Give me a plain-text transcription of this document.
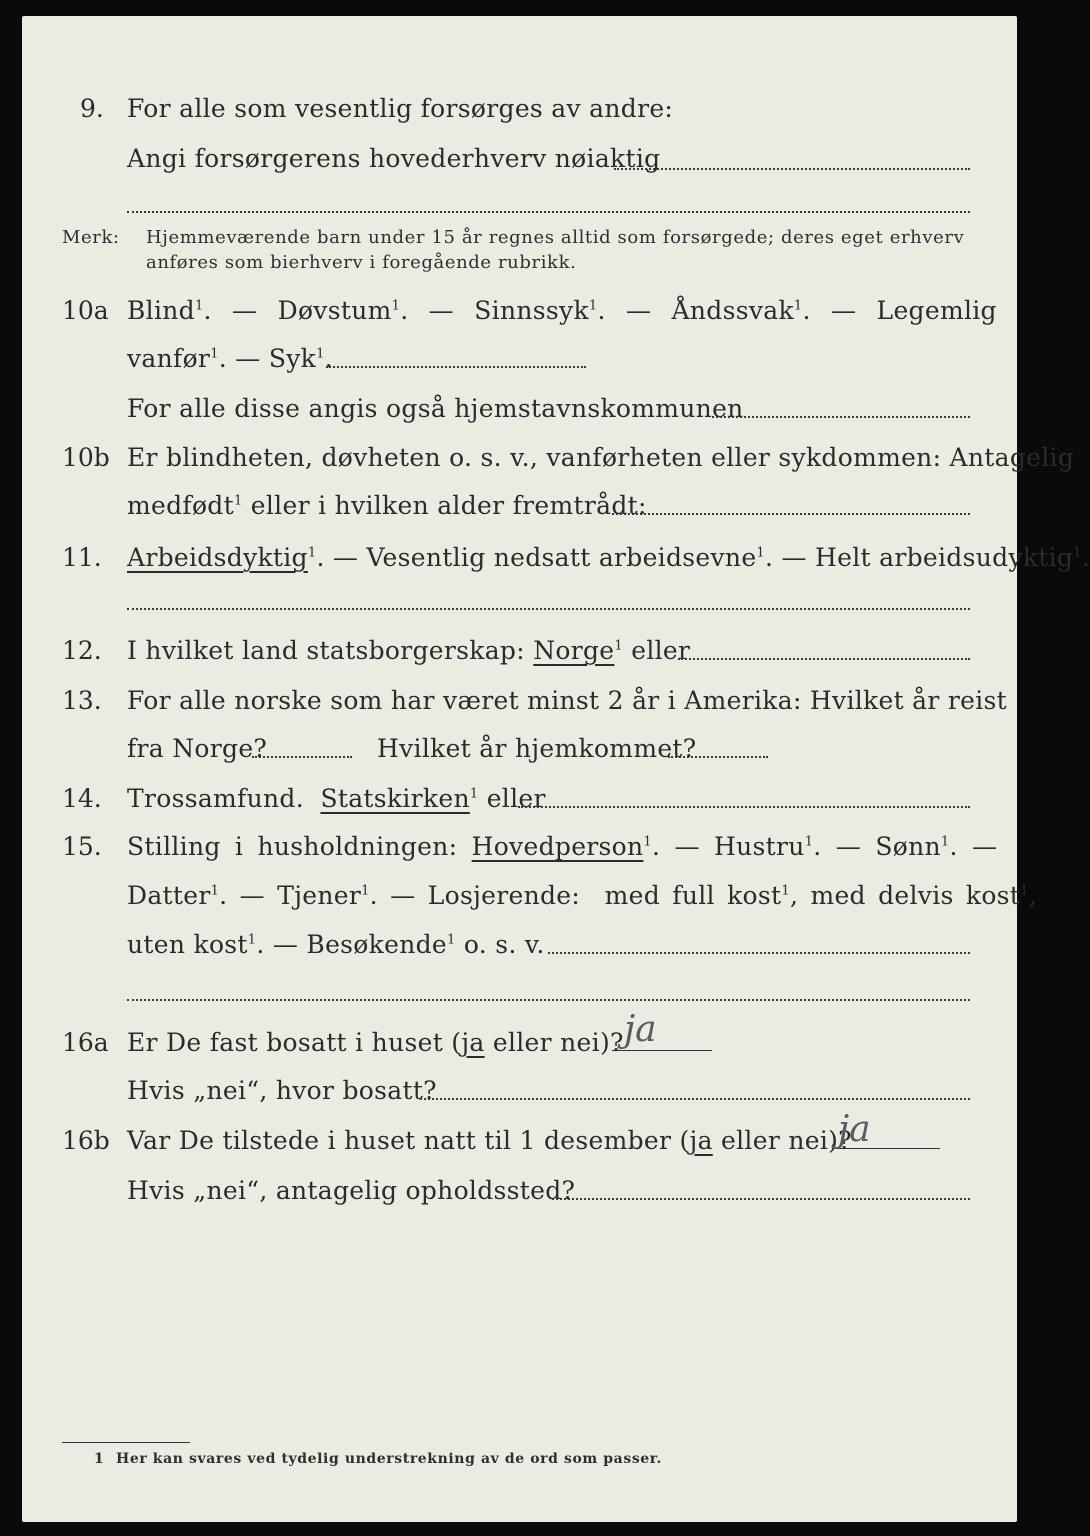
9. For alle som vesentlig forsørges av andre:
Angi forsørgerens hovederhverv nøiaktig
Merk: Hjemmeværende barn under 15 år regnes alltid som forsørgede; deres eget erhverv
anføres som bierhverv i foregående rubrikk.
10a Blind$^1$. — Døvstum$^1$. — Sinnssyk$^1$. — Åndssvak$^1$. — Legemlig
vanfør$^1$. — Syk$^1$.
For alle disse angis også hjemstavnskommunen
10b Er blindheten, døvheten o. s. v., vanførheten eller sykdommen: Antagelig
medfødt$^1$ eller i hvilken alder fremtrådt:
11. Arbeidsdyktig$^1$. — Vesentlig nedsatt arbeidsevne$^1$. — Helt arbeidsudyktig$^1$.
12. I hvilket land statsborgerskap: Norge$^1$ eller
13. For alle norske som har været minst 2 år i Amerika: Hvilket år reist
fra Norge?	Hvilket år hjemkommet?
14. Trossamfund. Statskirken$^1$ eller
15. Stilling i husholdningen: Hovedperson$^1$. — Hustru$^1$. — Sønn$^1$. —
Datter$^1$. — Tjener$^1$. — Losjerende: med full kost$^1$, med delvis kost$^1$,
uten kost$^1$. — Besøkende$^1$ o. s. v.
16a Er De fast bosatt i huset (ja eller nei)? ja
Hvis „nei“, hvor bosatt?
16b Var De tilstede i huset natt til 1 desember (ja eller nei)?
ja
Hvis „nei“, antagelig opholdssted?
1 Her kan svares ved tydelig understrekning av de ord som passer.
